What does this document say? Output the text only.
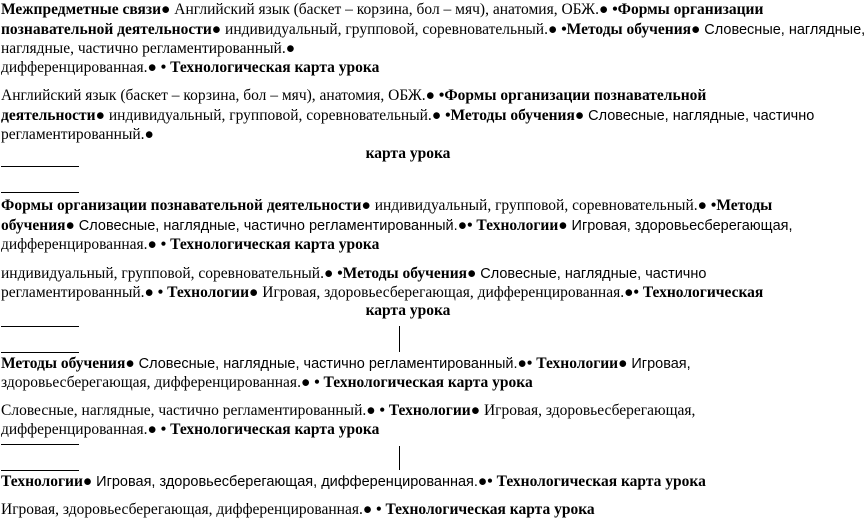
Межпредметные связи● Английский язык (баскет – корзина, бол – мяч), анатомия, ОБЖ.● •Формы организации
познавательной деятельности● индивидуальный, групповой, соревновательный.● •Методы обучения● Словесные, наглядные,
наглядные, частично регламентированный.●
дифференцированная.● • Технологическая карта урока
Английский язык (баскет – корзина, бол – мяч), анатомия, ОБЖ.● •Формы организации познавательной
деятельности● индивидуальный, групповой, соревновательный.● •Методы обучения● Словесные, наглядные, частично
регламентированный.●
карта урока
Формы организации познавательной деятельности● индивидуальный, групповой, соревновательный.● •Методы
обучения● Словесные, наглядные, частично регламентированный.●• Технологии● Игровая, здоровьесберегающая,
дифференцированная.● • Технологическая карта урока
индивидуальный, групповой, соревновательный.● •Методы обучения● Словесные, наглядные, частично
регламентированный.● • Технологии● Игровая, здоровьесберегающая, дифференцированная.●• Технологическая
карта урока
Методы обучения● Словесные, наглядные, частично регламентированный.●• Технологии● Игровая,
здоровьесберегающая, дифференцированная.● • Технологическая карта урока
Словесные, наглядные, частично регламентированный.● • Технологии● Игровая, здоровьесберегающая,
дифференцированная.● • Технологическая карта урока
Технологии● Игровая, здоровьесберегающая, дифференцированная.●• Технологическая карта урока
Игровая, здоровьесберегающая, дифференцированная.● • Технологическая карта урока
